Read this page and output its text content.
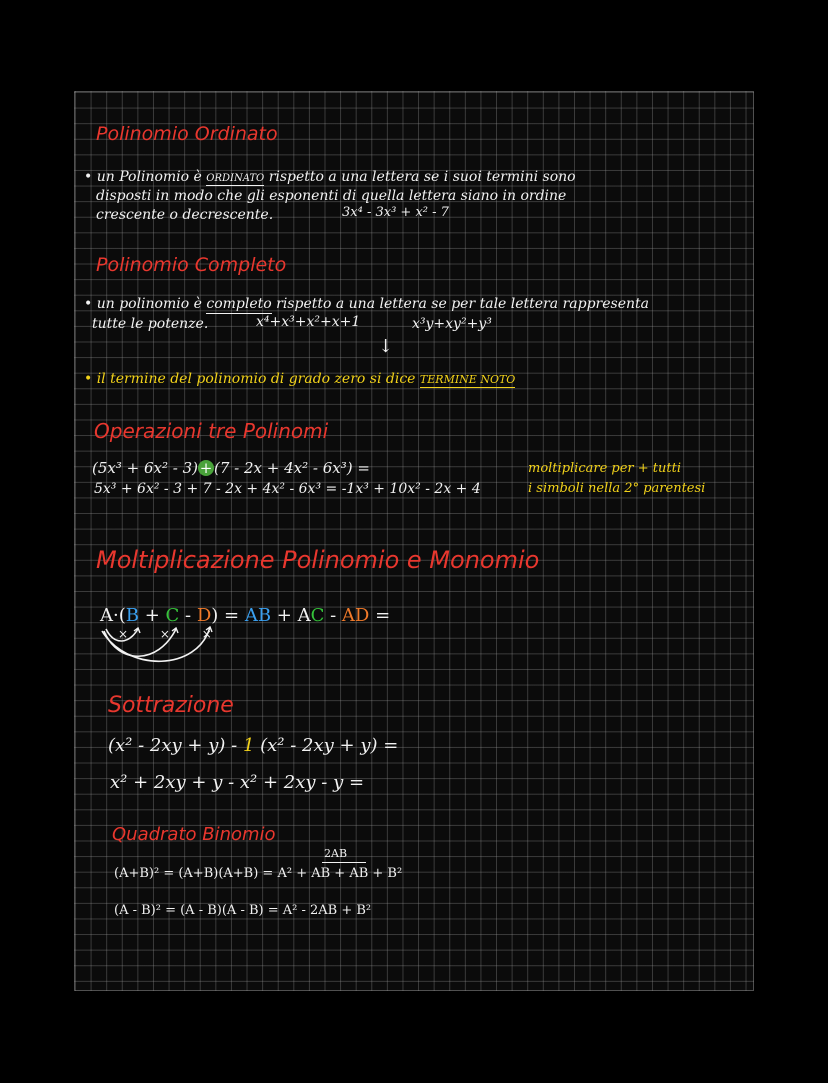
Polinomio Ordinato
• un Polinomio è ORDINATO rispetto a una lettera se i suoi termini sono
disposti in modo che gli esponenti di quella lettera siano in ordine
crescente o decrescente.	3x⁴ - 3x³ + x² - 7
Polinomio Completo
• un polinomio è completo rispetto a una lettera se per tale lettera rappresenta
tutte le potenze.	x⁴+x³+x²+x+1	x³y+xy²+y³
↓
• il termine del polinomio di grado zero si dice TERMINE NOTO
Operazioni tre Polinomi
(5x³ + 6x² - 3) + (7 - 2x + 4x² - 6x³) =
5x³ + 6x² - 3 + 7 - 2x + 4x² - 6x³ = -1x³ + 10x² - 2x + 4
moltiplicare per + tutti
i simboli nella 2° parentesi
Moltiplicazione Polinomio e Monomio
A·(B + C - D) = AB + AC - AD =
× × ×
Sottrazione
(x² - 2xy + y) - 1 (x² - 2xy + y) =
x² + 2xy + y - x² + 2xy - y =
Quadrato Binomio
2AB
(A+B)² = (A+B)(A+B) = A² + AB + AB + B²
(A - B)² = (A - B)(A - B) = A² - 2AB + B²
